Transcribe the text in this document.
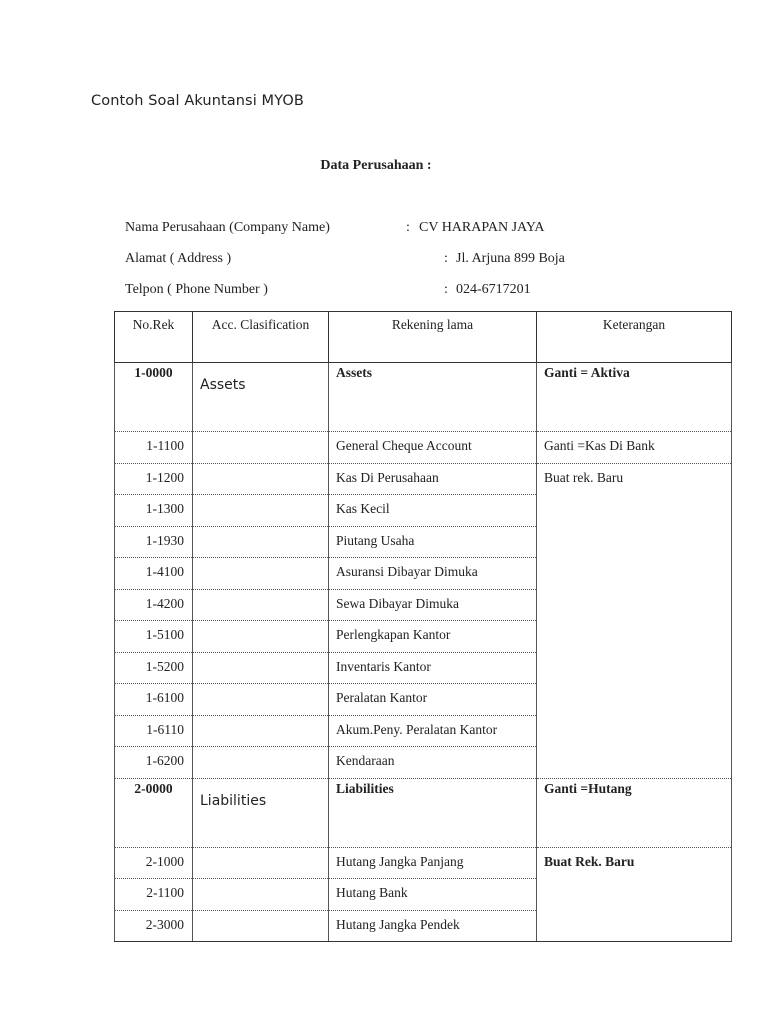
Contoh Soal Akuntansi MYOB
Data Perusahaan :
Nama Perusahaan (Company Name)	: CV HARAPAN JAYA
Alamat ( Address )	: Jl. Arjuna 899 Boja
Telpon ( Phone Number )	: 024-6717201
No.Rek	Acc. Clasification	Rekening lama	Keterangan
1-0000	Assets	Assets	Ganti = Aktiva
1-1100		General Cheque Account	Ganti =Kas Di Bank
1-1200		Kas Di Perusahaan	Buat rek. Baru
1-1300		Kas Kecil	
1-1930		Piutang Usaha	
1-4100		Asuransi Dibayar Dimuka	
1-4200		Sewa Dibayar Dimuka	
1-5100		Perlengkapan Kantor	
1-5200		Inventaris Kantor	
1-6100		Peralatan Kantor	
1-6110		Akum.Peny. Peralatan Kantor	
1-6200		Kendaraan	
2-0000	Liabilities	Liabilities	Ganti =Hutang
2-1000		Hutang Jangka Panjang	Buat Rek. Baru
2-1100		Hutang Bank	
2-3000		Hutang Jangka Pendek	
